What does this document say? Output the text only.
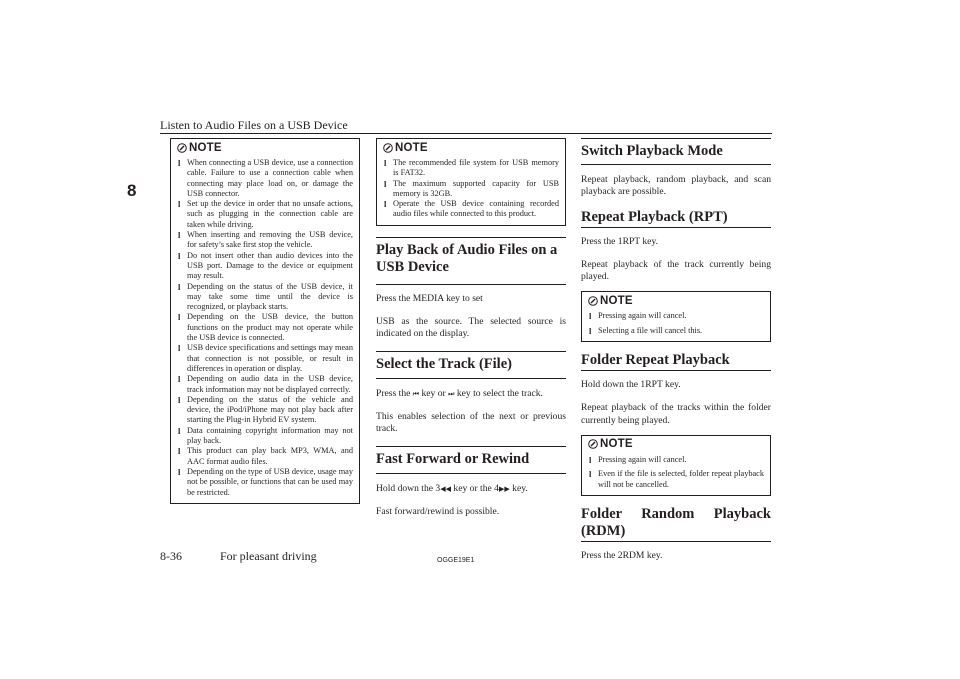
Listen to Audio Files on a USB Device
8
NOTE
l When connecting a USB device, use a connection cable. Failure to use a connection cable when connecting may place load on, or damage the USB connector.
l Set up the device in order that no unsafe actions, such as plugging in the connection cable are taken while driving.
l When inserting and removing the USB device, for safety’s sake first stop the vehicle.
l Do not insert other than audio devices into the USB port. Damage to the device or equipment may result.
l Depending on the status of the USB device, it may take some time until the device is recognized, or playback starts.
l Depending on the USB device, the button functions on the product may not operate while the USB device is connected.
l USB device specifications and settings may mean that connection is not possible, or result in differences in operation or display.
l Depending on audio data in the USB device, track information may not be displayed correctly.
l Depending on the status of the vehicle and device, the iPod/iPhone may not play back after starting the Plug-in Hybrid EV system.
l Data containing copyright information may not play back.
l This product can play back MP3, WMA, and AAC format audio files.
l Depending on the type of USB device, usage may not be possible, or functions that can be used may be restricted.
NOTE
l The recommended file system for USB memory is FAT32.
l The maximum supported capacity for USB memory is 32GB.
l Operate the USB device containing recorded audio files while connected to this product.
Play Back of Audio Files on a USB Device

Press the MEDIA key to set

USB as the source. The selected source is indicated on the display.

Select the Track (File)

Press the ⏮ key or ⏭ key to select the track.

This enables selection of the next or previous track.

Fast Forward or Rewind

Hold down the 3◀◀ key or the 4▶▶ key.

Fast forward/rewind is possible.

Switch Playback Mode

Repeat playback, random playback, and scan playback are possible.

Repeat Playback (RPT)

Press the 1RPT key.

Repeat playback of the track currently being played.

NOTE
l Pressing again will cancel.
l Selecting a file will cancel this.
Folder Repeat Playback

Hold down the 1RPT key.

Repeat playback of the tracks within the folder currently being played.

NOTE
l Pressing again will cancel.
l Even if the file is selected, folder repeat playback will not be cancelled.
Folder Random Playback (RDM)

Press the 2RDM key.

8-36	For pleasant driving	OGGE19E1
